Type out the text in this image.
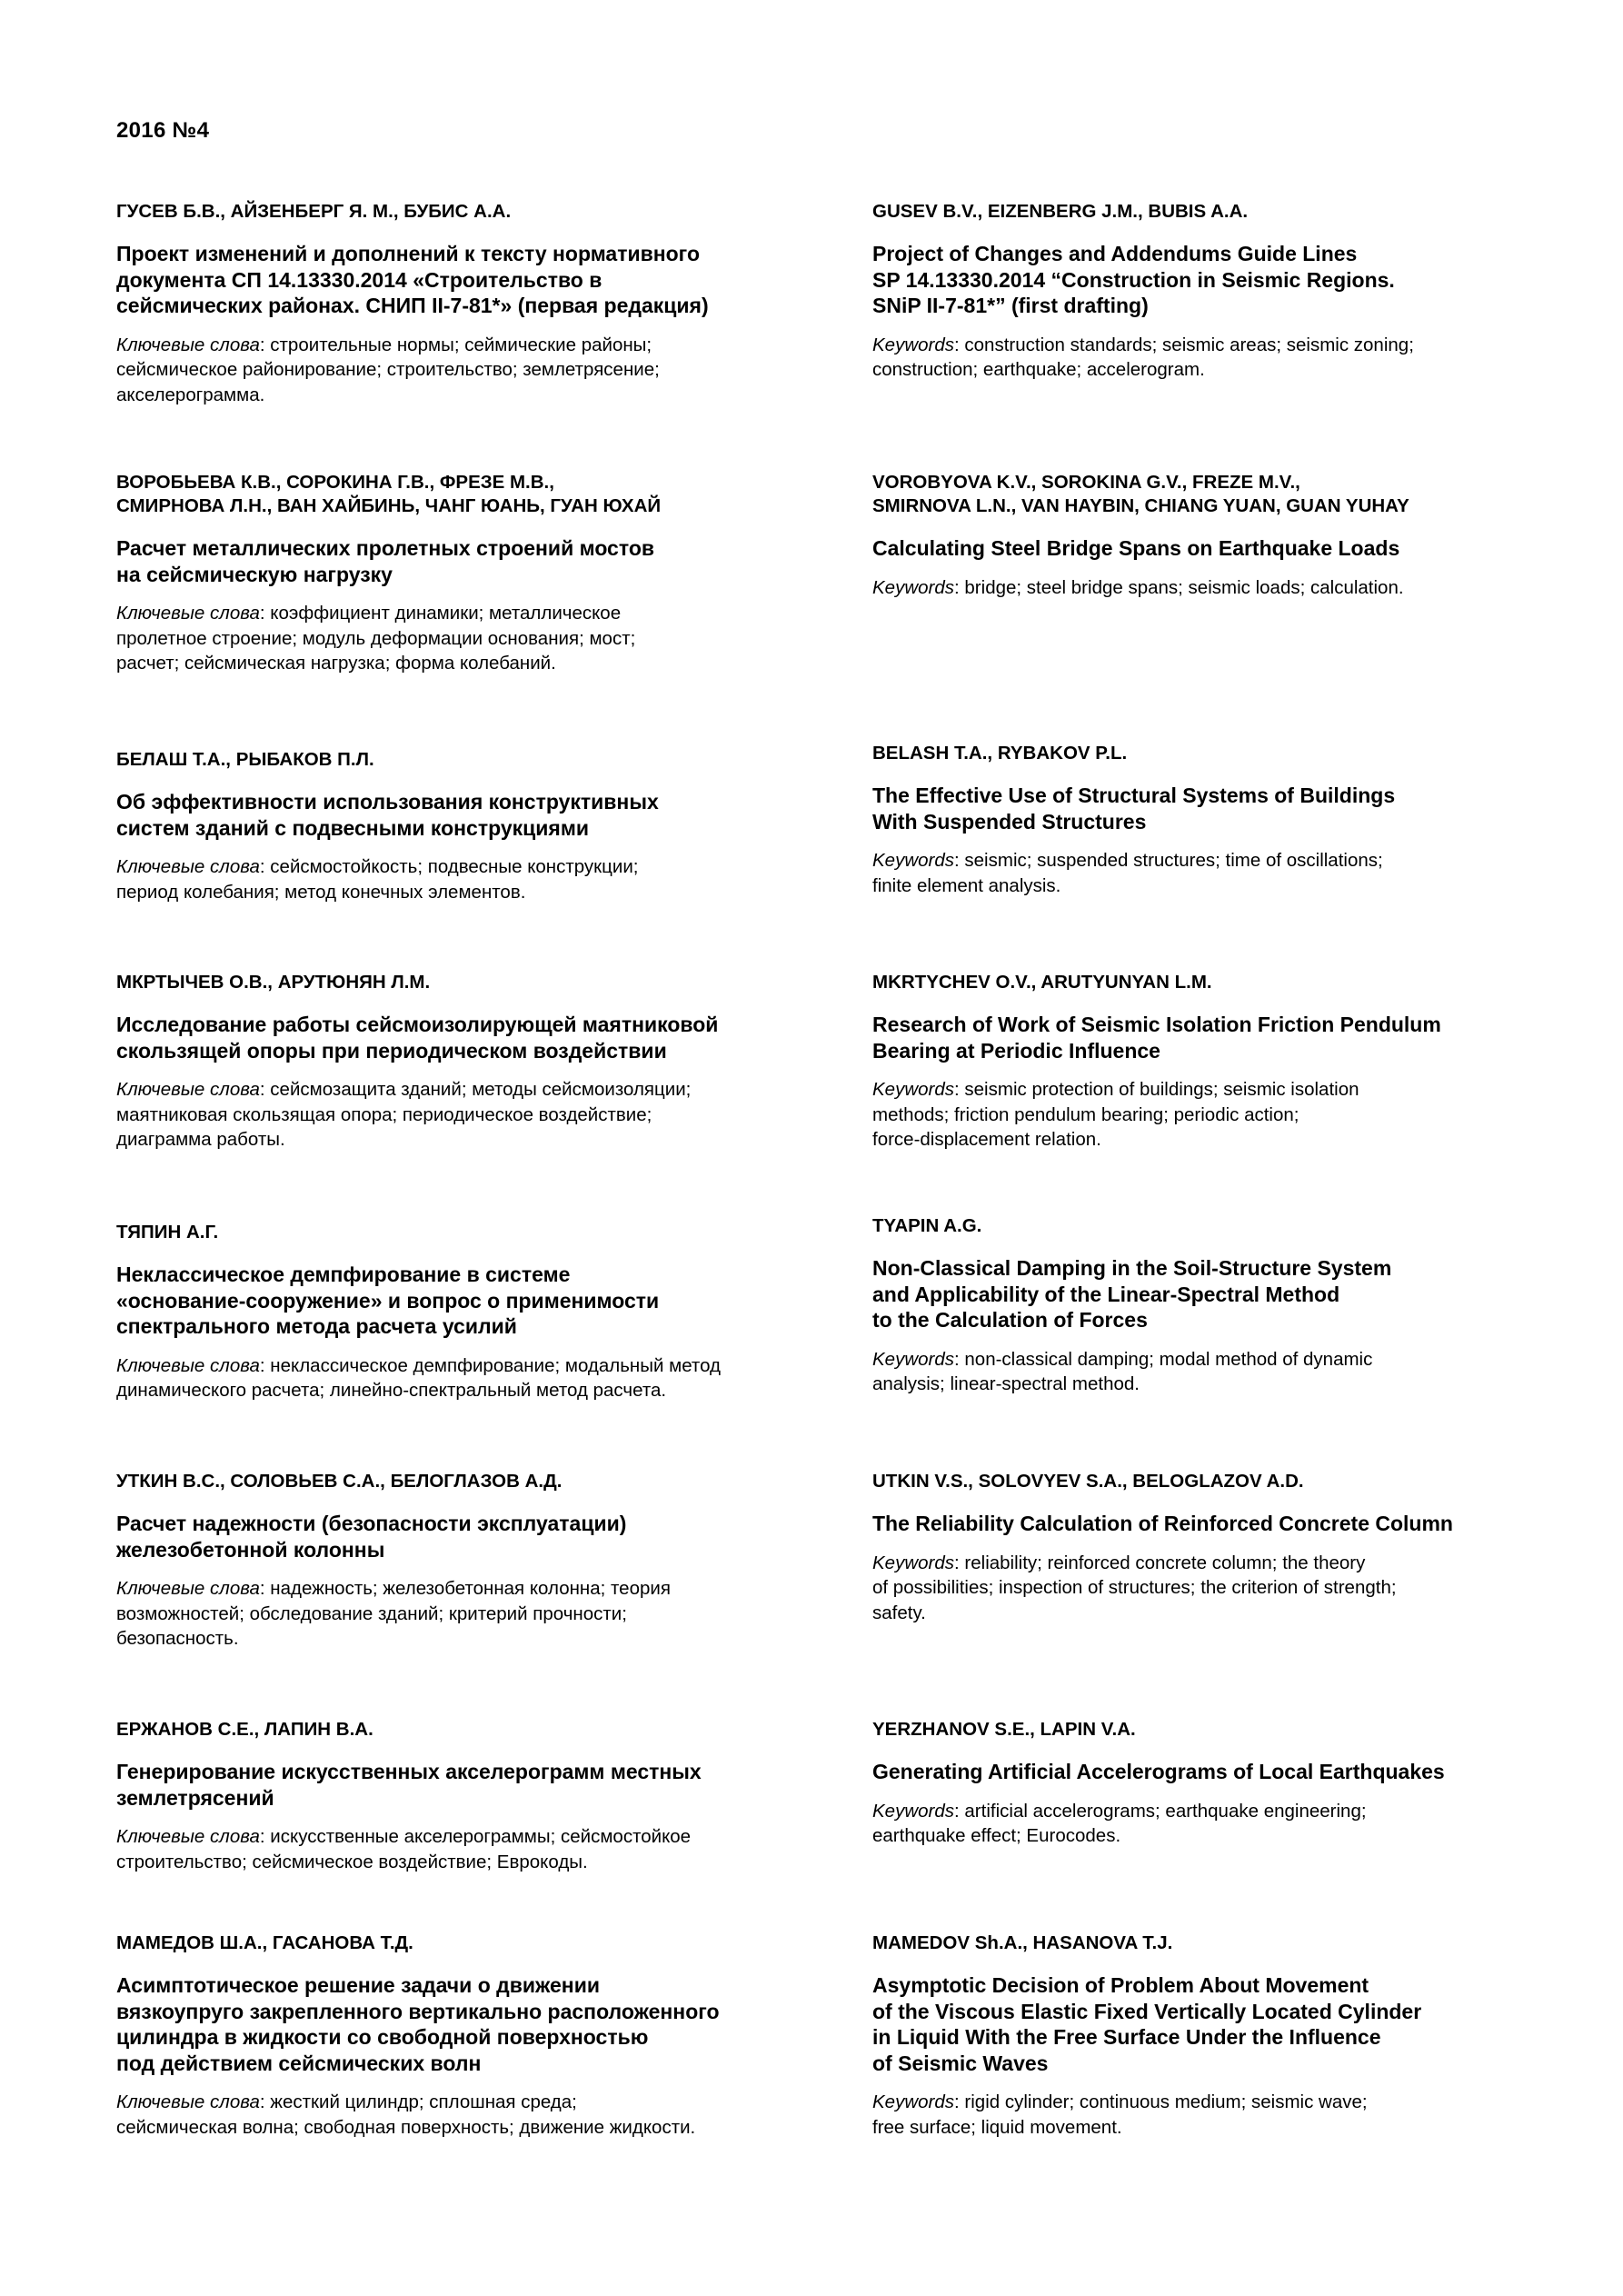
2016 №4
ГУСЕВ Б.В., АЙЗЕНБЕРГ Я. М., БУБИС А.А.
Проект изменений и дополнений к тексту нормативного
документа СП 14.13330.2014 «Строительство в
сейсмических районах. СНИП II-7-81*» (первая редакция)
Ключевые слова: строительные нормы; сеймические районы;
сейсмическое районирование; строительство; землетрясение;
акселерограмма.
ВОРОБЬЕВА К.В., СОРОКИНА Г.В., ФРЕЗЕ М.В.,
СМИРНОВА Л.Н., ВАН ХАЙБИНЬ, ЧАНГ ЮАНЬ, ГУАН ЮХАЙ
Расчет металлических пролетных строений мостов
на сейсмическую нагрузку
Ключевые слова: коэффициент динамики; металлическое
пролетное строение; модуль деформации основания; мост;
расчет; сейсмическая нагрузка; форма колебаний.
БЕЛАШ Т.А., РЫБАКОВ П.Л.
Об эффективности использования конструктивных
систем зданий с подвесными конструкциями
Ключевые слова: сейсмостойкость; подвесные конструкции;
период колебания; метод конечных элементов.
МКРТЫЧЕВ О.В., АРУТЮНЯН Л.М.
Исследование работы сейсмоизолирующей маятниковой
скользящей опоры при периодическом воздействии
Ключевые слова: сейсмозащита зданий; методы сейсмоизоляции;
маятниковая скользящая опора; периодическое воздействие;
диаграмма работы.
ТЯПИН А.Г.
Неклассическое демпфирование в системе
«основание-сооружение» и вопрос о применимости
спектрального метода расчета усилий
Ключевые слова: неклассическое демпфирование; модальный метод
динамического расчета; линейно-спектральный метод расчета.
УТКИН В.С., СОЛОВЬЕВ С.А., БЕЛОГЛАЗОВ А.Д.
Расчет надежности (безопасности эксплуатации)
железобетонной колонны
Ключевые слова: надежность; железобетонная колонна; теория
возможностей; обследование зданий; критерий прочности;
безопасность.
ЕРЖАНОВ С.Е., ЛАПИН В.А.
Генерирование искусственных акселерограмм местных
землетрясений
Ключевые слова: искусственные акселерограммы; сейсмостойкое
строительство; сейсмическое воздействие; Еврокоды.
МАМЕДОВ Ш.А., ГАСАНОВА Т.Д.
Асимптотическое решение задачи о движении
вязкоупруго закрепленного вертикально расположенного
цилиндра в жидкости со свободной поверхностью
под действием сейсмических волн
Ключевые слова: жесткий цилиндр; сплошная среда;
сейсмическая волна; свободная поверхность; движение жидкости.
GUSEV B.V., EIZENBERG J.M., BUBIS A.A.
Project of Changes and Addendums Guide Lines
SP 14.13330.2014 “Construction in Seismic Regions.
SNiP II-7-81*” (first drafting)
Keywords: construction standards; seismic areas; seismic zoning;
construction; earthquake; accelerogram.
VOROBYOVA K.V., SOROKINA G.V., FREZE M.V.,
SMIRNOVA L.N., VAN HAYBIN, CHIANG YUAN, GUAN YUHAY
Calculating Steel Bridge Spans on Earthquake Loads
Keywords: bridge; steel bridge spans; seismic loads; calculation.
BELASH T.A., RYBAKOV P.L.
The Effective Use of Structural Systems of Buildings
With Suspended Structures
Keywords: seismic; suspended structures; time of oscillations;
finite element analysis.
MKRTYCHEV O.V., ARUTYUNYAN L.M.
Research of Work of Seismic Isolation Friction Pendulum
Bearing at Periodic Influence
Keywords: seismic protection of buildings; seismic isolation
methods; friction pendulum bearing; periodic action;
force-displacement relation.
TYAPIN A.G.
Non-Classical Damping in the Soil-Structure System
and Applicability of the Linear-Spectral Method
to the Calculation of Forces
Keywords: non-classical damping; modal method of dynamic
analysis; linear-spectral method.
UTKIN V.S., SOLOVYEV S.A., BELOGLAZOV A.D.
The Reliability Calculation of Reinforced Concrete Column
Keywords: reliability; reinforced concrete column; the theory
of possibilities; inspection of structures; the criterion of strength;
safety.
YERZHANOV S.E., LAPIN V.A.
Generating Artificial Accelerograms of Local Earthquakes
Keywords: artificial accelerograms; earthquake engineering;
earthquake effect; Eurocodes.
MAMEDOV Sh.A., HASANOVA T.J.
Asymptotic Decision of Problem About Movement
of the Viscous Elastic Fixed Vertically Located Cylinder
in Liquid With the Free Surface Under the Influence
of Seismic Waves
Keywords: rigid cylinder; continuous medium; seismic wave;
free surface; liquid movement.
